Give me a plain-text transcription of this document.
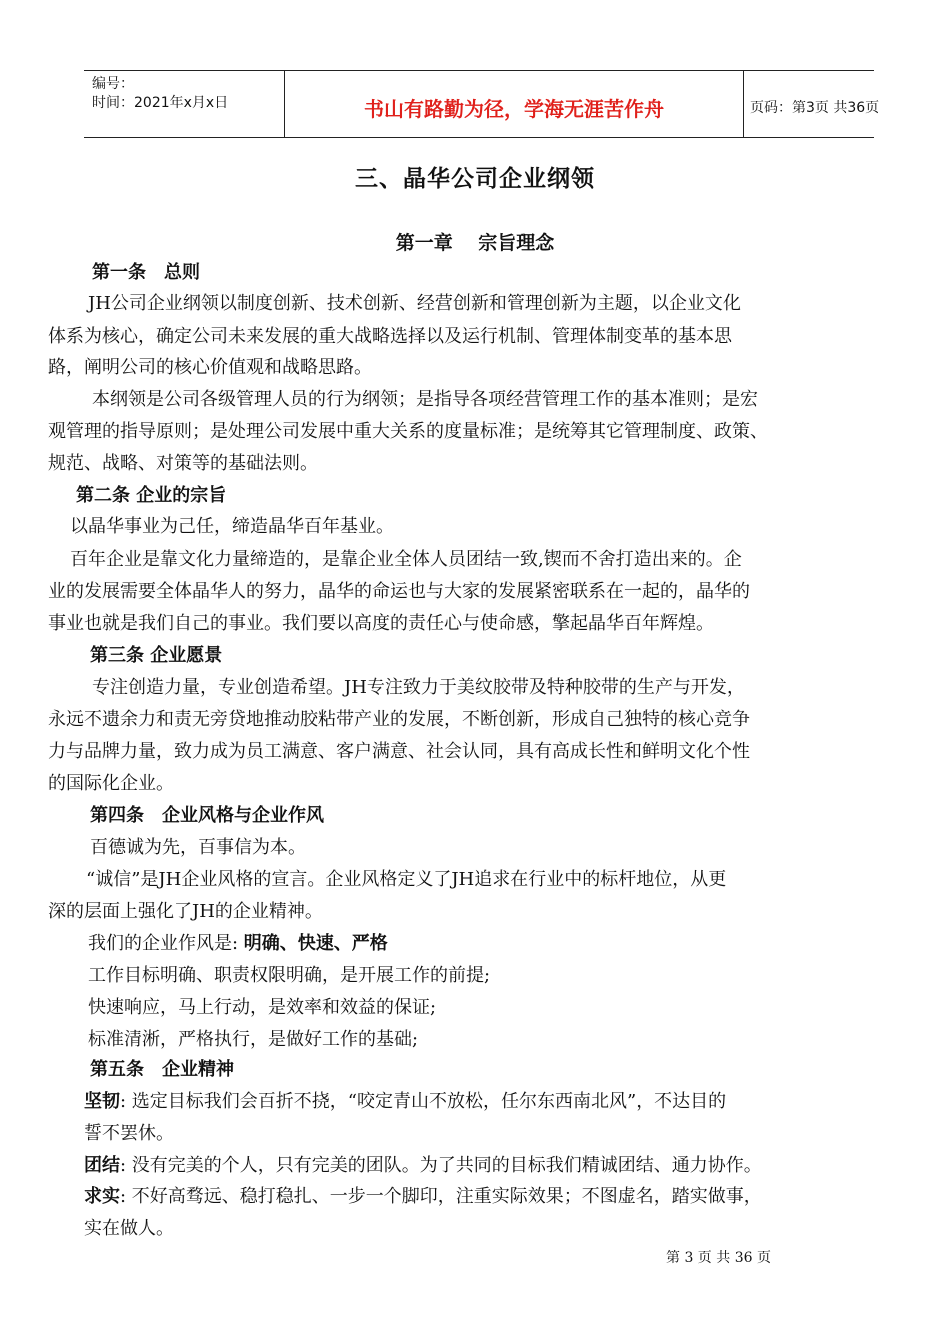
编号：
时间：2021年x月x日	书山有路勤为径，学海无涯苦作舟	页码：第3页 共36页
三、晶华公司企业纲领
第一章　 宗旨理念
第一条　总则
JH公司企业纲领以制度创新、技术创新、经营创新和管理创新为主题，以企业文化
体系为核心，确定公司未来发展的重大战略选择以及运行机制、管理体制变革的基本思
路，阐明公司的核心价值观和战略思路。
本纲领是公司各级管理人员的行为纲领；是指导各项经营管理工作的基本准则；是宏
观管理的指导原则；是处理公司发展中重大关系的度量标准；是统筹其它管理制度、政策、
规范、战略、对策等的基础法则。
第二条 企业的宗旨
以晶华事业为己任，缔造晶华百年基业。
百年企业是靠文化力量缔造的，是靠企业全体人员团结一致,锲而不舍打造出来的。企
业的发展需要全体晶华人的努力，晶华的命运也与大家的发展紧密联系在一起的，晶华的
事业也就是我们自己的事业。我们要以高度的责任心与使命感，擎起晶华百年辉煌。
第三条 企业愿景
专注创造力量，专业创造希望。JH专注致力于美纹胶带及特种胶带的生产与开发，
永远不遗余力和责无旁贷地推动胶粘带产业的发展，不断创新，形成自己独特的核心竞争
力与品牌力量，致力成为员工满意、客户满意、社会认同，具有高成长性和鲜明文化个性
的国际化企业。
第四条　企业风格与企业作风
百德诚为先，百事信为本。
“诚信”是JH企业风格的宣言。企业风格定义了JH追求在行业中的标杆地位，从更
深的层面上强化了JH的企业精神。
我们的企业作风是: 明确、快速、严格
工作目标明确、职责权限明确，是开展工作的前提;
快速响应，马上行动，是效率和效益的保证;
标准清淅，严格执行，是做好工作的基础;
第五条　企业精神
坚韧: 选定目标我们会百折不挠，“咬定青山不放松，任尔东西南北风”，不达目的
誓不罢休。
团结: 没有完美的个人，只有完美的团队。为了共同的目标我们精诚团结、通力协作。
求实: 不好高骛远、稳打稳扎、一步一个脚印，注重实际效果；不图虚名，踏实做事，
实在做人。
第 3 页 共 36 页
